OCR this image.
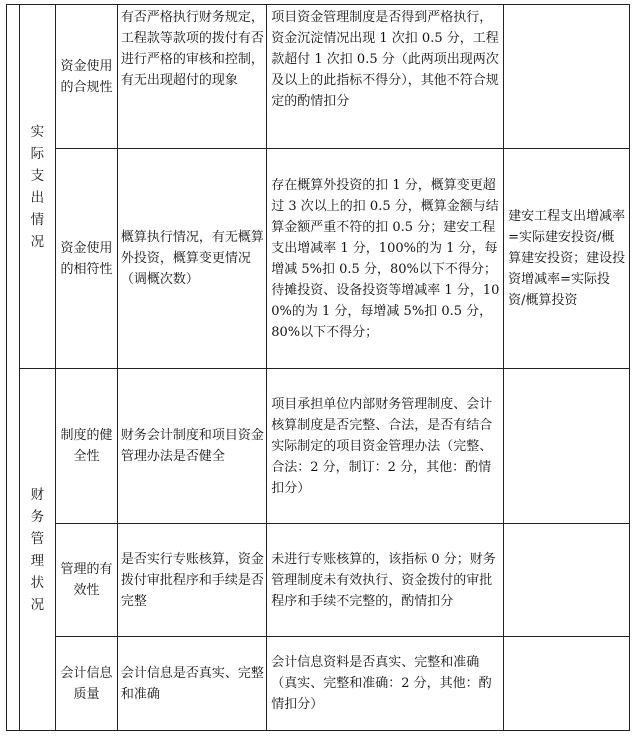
	实际支出情况	资金使用的合规性	有否严格执行财务规定，工程款等款项的拨付有否进行严格的审核和控制，有无出现超付的现象	项目资金管理制度是否得到严格执行，资金沉淀情况出现 1 次扣 0.5 分，工程款超付 1 次扣 0.5 分（此两项出现两次及以上的此指标不得分），其他不符合规定的酌情扣分	
		资金使用的相符性	概算执行情况，有无概算外投资，概算变更情况（调概次数）	存在概算外投资的扣 1 分，概算变更超过 3 次以上的扣 0.5 分，概算金额与结算金额严重不符的扣 0.5 分；建安工程支出增减率 1 分，100%的为 1 分，每增减 5%扣 0.5 分，80%以下不得分；待摊投资、设备投资等增减率 1 分，100%的为 1 分，每增减 5%扣 0.5 分，80%以下不得分；	建安工程支出增减率=实际建安投资/概算建安投资；建设投资增减率=实际投资/概算投资
	财务管理状况	制度的健全性	财务会计制度和项目资金管理办法是否健全	项目承担单位内部财务管理制度、会计核算制度是否完整、合法，是否有结合实际制定的项目资金管理办法（完整、合法：2 分，制订：2 分，其他：酌情扣分）	
		管理的有效性	是否实行专账核算，资金拨付审批程序和手续是否完整	未进行专账核算的，该指标 0 分；财务管理制度未有效执行、资金拨付的审批程序和手续不完整的，酌情扣分	
		会计信息质量	会计信息是否真实、完整和准确	会计信息资料是否真实、完整和准确（真实、完整和准确：2 分，其他：酌情扣分）	
